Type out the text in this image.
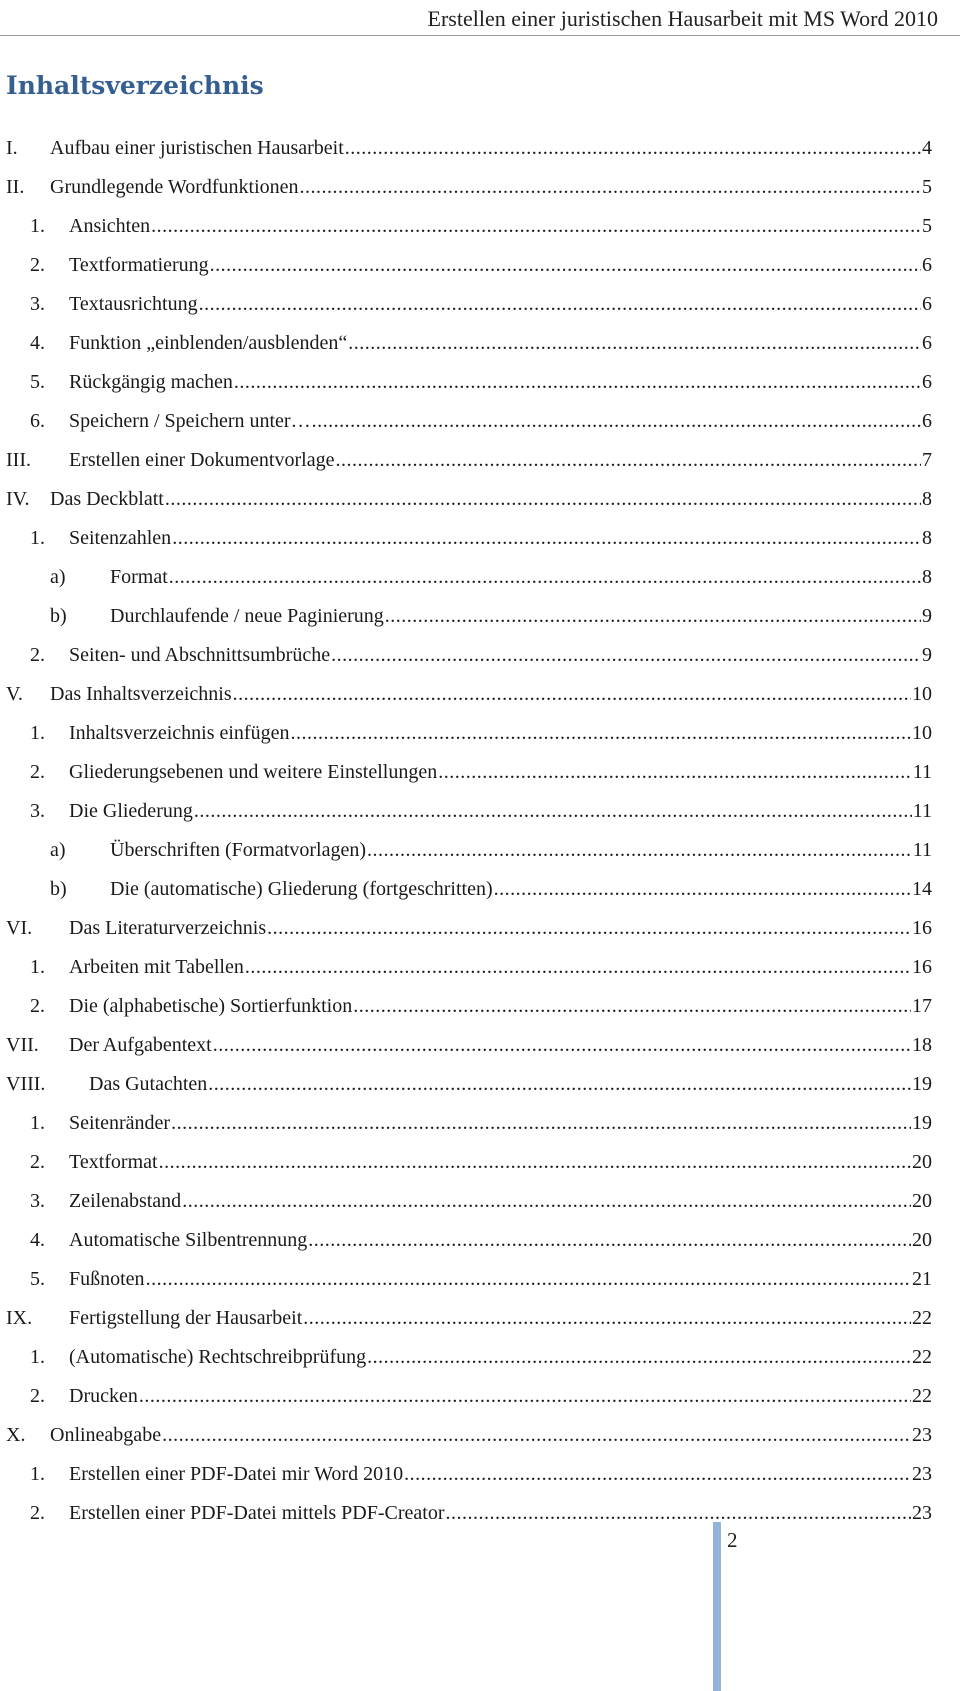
Erstellen einer juristischen Hausarbeit mit MS Word 2010
Inhaltsverzeichnis
I. Aufbau einer juristischen Hausarbeit .....	4
II. Grundlegende Wordfunktionen .....	5
1. Ansichten .....	5
2. Textformatierung .....	6
3. Textausrichtung .....	6
4. Funktion „einblenden/ausblenden“ .....	6
5. Rückgängig machen .....	6
6. Speichern / Speichern unter… .....	6
III. Erstellen einer Dokumentvorlage .....	7
IV. Das Deckblatt .....	8
1. Seitenzahlen .....	8
a) Format .....	8
b) Durchlaufende / neue Paginierung .....	9
2. Seiten- und Abschnittsumbrüche .....	9
V. Das Inhaltsverzeichnis .....	10
1. Inhaltsverzeichnis einfügen .....	10
2. Gliederungsebenen und weitere Einstellungen .....	11
3. Die Gliederung .....	11
a) Überschriften (Formatvorlagen) .....	11
b) Die (automatische) Gliederung (fortgeschritten) .....	14
VI. Das Literaturverzeichnis .....	16
1. Arbeiten mit Tabellen .....	16
2. Die (alphabetische) Sortierfunktion .....	17
VII. Der Aufgabentext .....	18
VIII. Das Gutachten .....	19
1. Seitenränder .....	19
2. Textformat .....	20
3. Zeilenabstand .....	20
4. Automatische Silbentrennung .....	20
5. Fußnoten .....	21
IX. Fertigstellung der Hausarbeit .....	22
1. (Automatische) Rechtschreibprüfung .....	22
2. Drucken .....	22
X. Onlineabgabe .....	23
1. Erstellen einer PDF-Datei mir Word 2010 .....	23
2. Erstellen einer PDF-Datei mittels PDF-Creator .....	23
2
